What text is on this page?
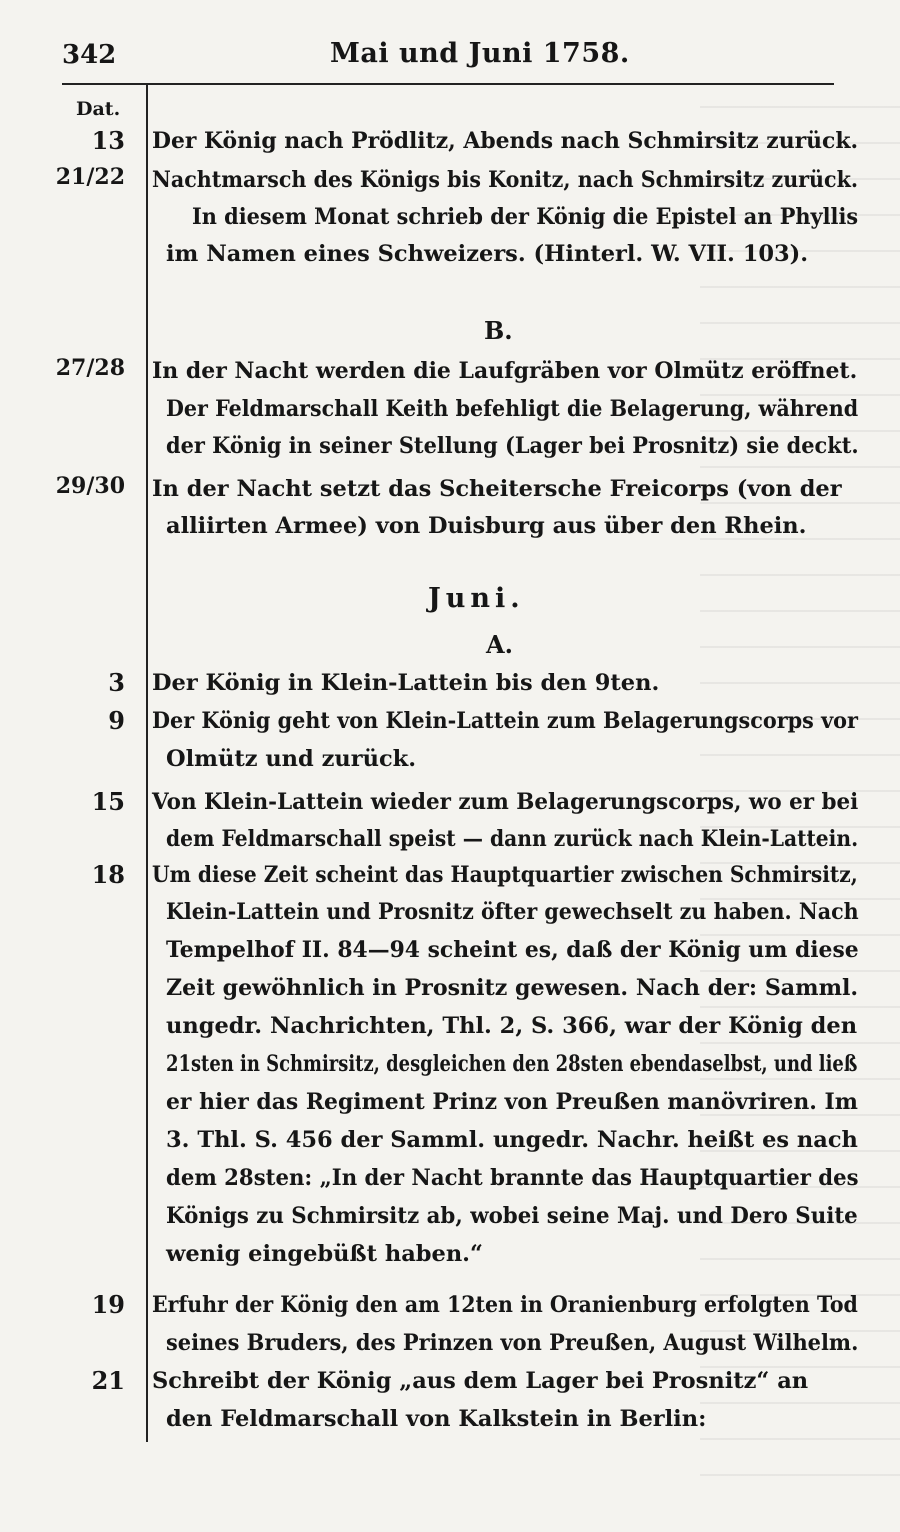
342	Mai und Juni 1758.
Dat.
13 Der König nach Prödlitz, Abends nach Schmirsitz zurück.
21/22 Nachtmarsch des Königs bis Konitz, nach Schmirsitz zurück.
In diesem Monat schrieb der König die Epistel an Phyllis
im Namen eines Schweizers. (Hinterl. W. VII. 103).
B.
27/28 In der Nacht werden die Laufgräben vor Olmütz eröffnet.
Der Feldmarschall Keith befehligt die Belagerung, während
der König in seiner Stellung (Lager bei Prosnitz) sie deckt.
29/30 In der Nacht setzt das Scheitersche Freicorps (von der
alliirten Armee) von Duisburg aus über den Rhein.
Juni.
A.
3 Der König in Klein-Lattein bis den 9ten.
9 Der König geht von Klein-Lattein zum Belagerungscorps vor
Olmütz und zurück.
15 Von Klein-Lattein wieder zum Belagerungscorps, wo er bei
dem Feldmarschall speist — dann zurück nach Klein-Lattein.
18 Um diese Zeit scheint das Hauptquartier zwischen Schmirsitz,
Klein-Lattein und Prosnitz öfter gewechselt zu haben. Nach
Tempelhof II. 84—94 scheint es, daß der König um diese
Zeit gewöhnlich in Prosnitz gewesen. Nach der: Samml.
ungedr. Nachrichten, Thl. 2, S. 366, war der König den
21sten in Schmirsitz, desgleichen den 28sten ebendaselbst, und ließ
er hier das Regiment Prinz von Preußen manövriren. Im
3. Thl. S. 456 der Samml. ungedr. Nachr. heißt es nach
dem 28sten: „In der Nacht brannte das Hauptquartier des
Königs zu Schmirsitz ab, wobei seine Maj. und Dero Suite
wenig eingebüßt haben.“
19 Erfuhr der König den am 12ten in Oranienburg erfolgten Tod
seines Bruders, des Prinzen von Preußen, August Wilhelm.
21 Schreibt der König „aus dem Lager bei Prosnitz“ an
den Feldmarschall von Kalkstein in Berlin:
